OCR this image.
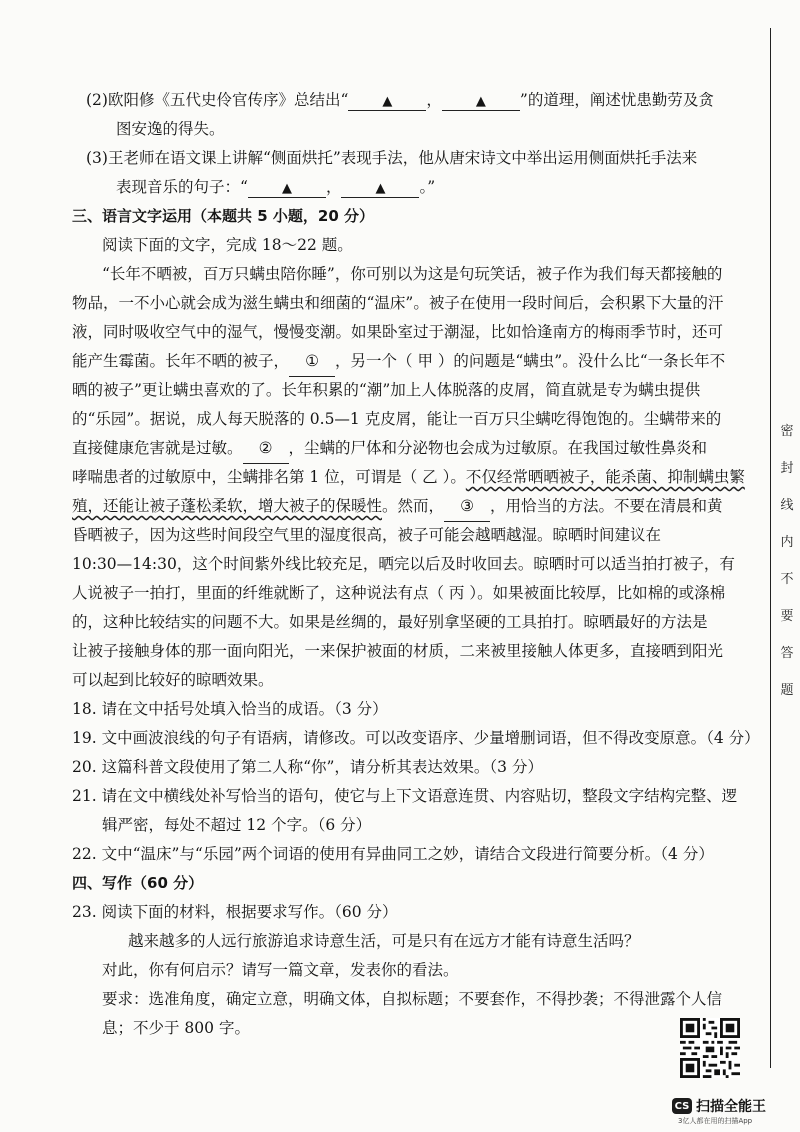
(2)欧阳修《五代史伶官传序》总结出“	▲ ，	▲ ”的道理，阐述忧患勤劳及贪
图安逸的得失。
(3)王老师在语文课上讲解“侧面烘托”表现手法，他从唐宋诗文中举出运用侧面烘托手法来
表现音乐的句子：“	▲ ，	▲ 。”
三、语言文字运用（本题共 5 小题，20 分）
阅读下面的文字，完成 18～22 题。
“长年不晒被，百万只螨虫陪你睡”，你可别以为这是句玩笑话，被子作为我们每天都接触的
物品，一不小心就会成为滋生螨虫和细菌的“温床”。被子在使用一段时间后，会积累下大量的汗
液，同时吸收空气中的湿气，慢慢变潮。如果卧室过于潮湿，比如恰逢南方的梅雨季节时，还可
能产生霉菌。长年不晒的被子， ① ，另一个（ 甲 ）的问题是“螨虫”。没什么比“一条长年不
晒的被子”更让螨虫喜欢的了。长年积累的“潮”加上人体脱落的皮屑，简直就是专为螨虫提供
的“乐园”。据说，成人每天脱落的 0.5—1 克皮屑，能让一百万只尘螨吃得饱饱的。尘螨带来的
直接健康危害就是过敏。 ② ，尘螨的尸体和分泌物也会成为过敏原。在我国过敏性鼻炎和
哮喘患者的过敏原中，尘螨排名第 1 位，可谓是（ 乙 ）。不仅经常晒晒被子，能杀菌、抑制螨虫繁
殖，还能让被子蓬松柔软，增大被子的保暖性。然而， ③ ，用恰当的方法。不要在清晨和黄
昏晒被子，因为这些时间段空气里的湿度很高，被子可能会越晒越湿。晾晒时间建议在
10:30—14:30，这个时间紫外线比较充足，晒完以后及时收回去。晾晒时可以适当拍打被子，有
人说被子一拍打，里面的纤维就断了，这种说法有点（ 丙 ）。如果被面比较厚，比如棉的或涤棉
的，这种比较结实的问题不大。如果是丝绸的，最好别拿坚硬的工具拍打。晾晒最好的方法是
让被子接触身体的那一面向阳光，一来保护被面的材质，二来被里接触人体更多，直接晒到阳光
可以起到比较好的晾晒效果。
18. 请在文中括号处填入恰当的成语。（3 分）
19. 文中画波浪线的句子有语病，请修改。可以改变语序、少量增删词语，但不得改变原意。（4 分）
20. 这篇科普文段使用了第二人称“你”，请分析其表达效果。（3 分）
21. 请在文中横线处补写恰当的语句，使它与上下文语意连贯、内容贴切，整段文字结构完整、逻
辑严密，每处不超过 12 个字。（6 分）
22. 文中“温床”与“乐园”两个词语的使用有异曲同工之妙，请结合文段进行简要分析。（4 分）
四、写作（60 分）
23. 阅读下面的材料，根据要求写作。（60 分）
越来越多的人远行旅游追求诗意生活，可是只有在远方才能有诗意生活吗？
对此，你有何启示？请写一篇文章，发表你的看法。
要求：选准角度，确定立意，明确文体，自拟标题；不要套作，不得抄袭；不得泄露个人信
息；不少于 800 字。
密
封
线
内
不
要
答
题
CS 扫描全能王
3亿人都在用的扫描App
